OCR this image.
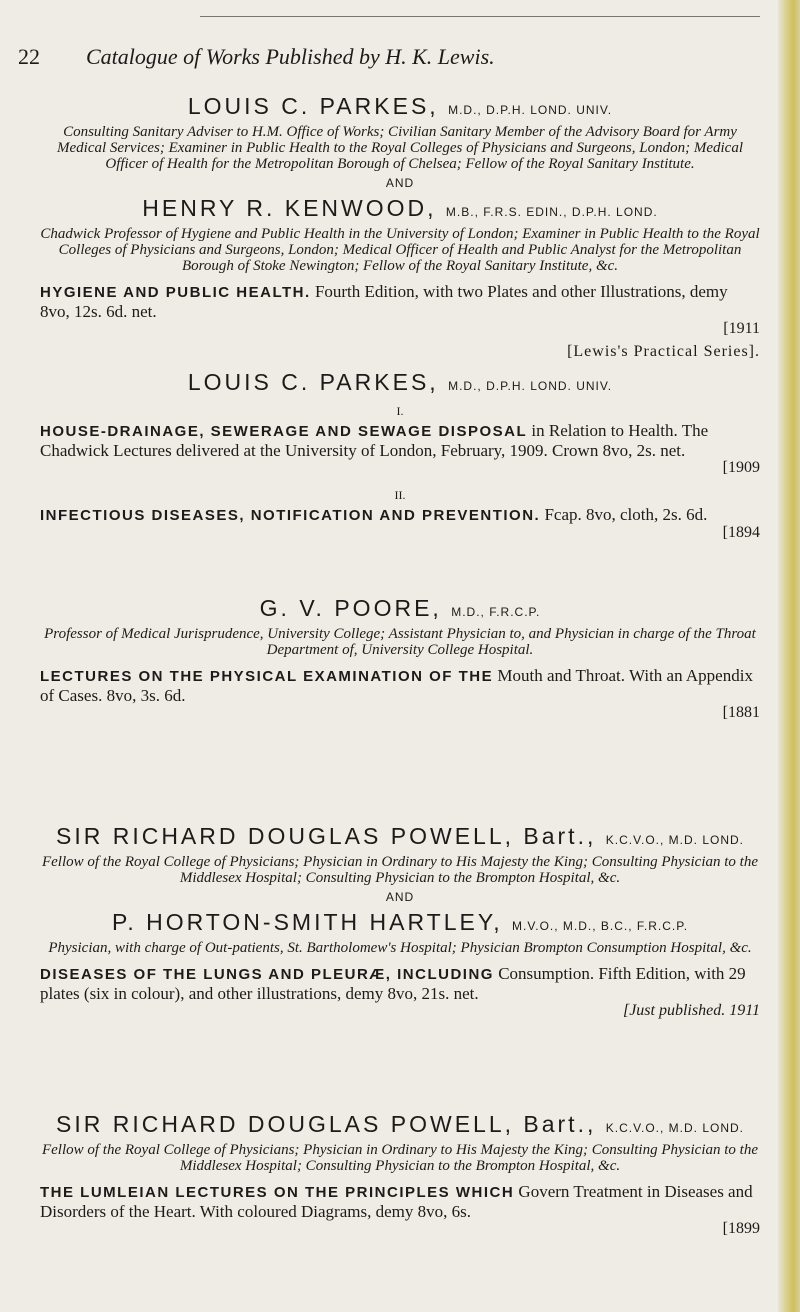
22 Catalogue of Works Published by H. K. Lewis.

LOUIS C. PARKES, M.D., D.P.H. LOND. UNIV.

Consulting Sanitary Adviser to H.M. Office of Works; Civilian Sanitary Member of the Advisory Board for Army Medical Services; Examiner in Public Health to the Royal Colleges of Physicians and Surgeons, London; Medical Officer of Health for the Metropolitan Borough of Chelsea; Fellow of the Royal Sanitary Institute.

AND

HENRY R. KENWOOD, M.B., F.R.S. EDIN., D.P.H. LOND.

Chadwick Professor of Hygiene and Public Health in the University of London; Examiner in Public Health to the Royal Colleges of Physicians and Surgeons, London; Medical Officer of Health and Public Analyst for the Metropolitan Borough of Stoke Newington; Fellow of the Royal Sanitary Institute, &c.

HYGIENE AND PUBLIC HEALTH. Fourth Edition, with two Plates and other Illustrations, demy 8vo, 12s. 6d. net.

[1911

[Lewis's Practical Series].

LOUIS C. PARKES, M.D., D.P.H. LOND. UNIV.

I.

HOUSE-DRAINAGE, SEWERAGE AND SEWAGE DISPOSAL in Relation to Health. The Chadwick Lectures delivered at the University of London, February, 1909. Crown 8vo, 2s. net.

[1909

II.

INFECTIOUS DISEASES, NOTIFICATION AND PREVENTION. Fcap. 8vo, cloth, 2s. 6d.

[1894

G. V. POORE, M.D., F.R.C.P.

Professor of Medical Jurisprudence, University College; Assistant Physician to, and Physician in charge of the Throat Department of, University College Hospital.

LECTURES ON THE PHYSICAL EXAMINATION OF THE Mouth and Throat. With an Appendix of Cases. 8vo, 3s. 6d.

[1881

SIR RICHARD DOUGLAS POWELL, Bart., K.C.V.O., M.D. LOND.

Fellow of the Royal College of Physicians; Physician in Ordinary to His Majesty the King; Consulting Physician to the Middlesex Hospital; Consulting Physician to the Brompton Hospital, &c.

AND

P. HORTON-SMITH HARTLEY, M.V.O., M.D., B.C., F.R.C.P.

Physician, with charge of Out-patients, St. Bartholomew's Hospital; Physician Brompton Consumption Hospital, &c.

DISEASES OF THE LUNGS AND PLEURÆ, INCLUDING Consumption. Fifth Edition, with 29 plates (six in colour), and other illustrations, demy 8vo, 21s. net.

[Just published. 1911

SIR RICHARD DOUGLAS POWELL, Bart., K.C.V.O., M.D. LOND.

Fellow of the Royal College of Physicians; Physician in Ordinary to His Majesty the King; Consulting Physician to the Middlesex Hospital; Consulting Physician to the Brompton Hospital, &c.

THE LUMLEIAN LECTURES ON THE PRINCIPLES WHICH Govern Treatment in Diseases and Disorders of the Heart. With coloured Diagrams, demy 8vo, 6s.

[1899
